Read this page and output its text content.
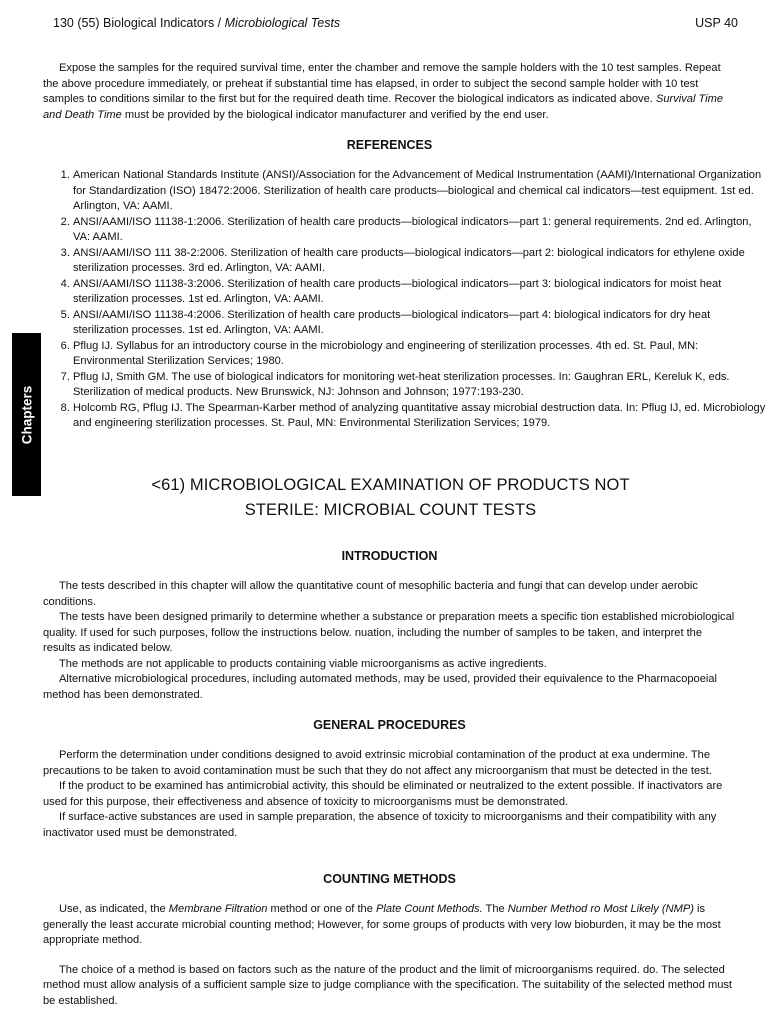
130 (55) Biological Indicators / Microbiological Tests	USP 40

Expose the samples for the required survival time, enter the chamber and remove the sample holders with the 10 test samples. Repeat the above procedure immediately, or preheat if substantial time has elapsed, in order to subject the second sample holder with 10 test samples to conditions similar to the first but for the required death time. Recover the biological indicators as indicated above. Survival Time and Death Time must be provided by the biological indicator manufacturer and verified by the end user.

REFERENCES
1. American National Standards Institute (ANSI)/Association for the Advancement of Medical Instrumentation (AAMI)/International Organization for Standardization (ISO) 18472:2006. Sterilization of health care products—biological and chemical cal indicators—test equipment. 1st ed. Arlington, VA: AAMI.
2. ANSI/AAMI/ISO 11138-1:2006. Sterilization of health care products—biological indicators—part 1: general requirements. 2nd ed. Arlington, VA: AAMI.
3. ANSI/AAMI/ISO 111 38-2:2006. Sterilization of health care products—biological indicators—part 2: biological indicators for ethylene oxide sterilization processes. 3rd ed. Arlington, VA: AAMI.
4. ANSI/AAMI/ISO 11138-3:2006. Sterilization of health care products—biological indicators—part 3: biological indicators for moist heat sterilization processes. 1st ed. Arlington, VA: AAMI.
5. ANSI/AAMI/ISO 11138-4:2006. Sterilization of health care products—biological indicators—part 4: biological indicators for dry heat sterilization processes. 1st ed. Arlington, VA: AAMI.
6. Pflug IJ. Syllabus for an introductory course in the microbiology and engineering of sterilization processes. 4th ed. St. Paul, MN: Environmental Sterilization Services; 1980.
7. Pflug IJ, Smith GM. The use of biological indicators for monitoring wet-heat sterilization processes. In: Gaughran ERL, Kereluk K, eds. Sterilization of medical products. New Brunswick, NJ: Johnson and Johnson; 1977:193-230.
8. Holcomb RG, Pflug IJ. The Spearman-Karber method of analyzing quantitative assay microbial destruction data. In: Pflug IJ, ed. Microbiology and engineering sterilization processes. St. Paul, MN: Environmental Sterilization Services; 1979.
Chapters
<61) MICROBIOLOGICAL EXAMINATION OF PRODUCTS NOT
STERILE: MICROBIAL COUNT TESTS
INTRODUCTION

The tests described in this chapter will allow the quantitative count of mesophilic bacteria and fungi that can develop under aerobic conditions.

The tests have been designed primarily to determine whether a substance or preparation meets a specific tion established microbiological quality. If used for such purposes, follow the instructions below. nuation, including the number of samples to be taken, and interpret the results as indicated below.

The methods are not applicable to products containing viable microorganisms as active ingredients.

Alternative microbiological procedures, including automated methods, may be used, provided their equivalence to the Pharmacopoeial method has been demonstrated.

GENERAL PROCEDURES

Perform the determination under conditions designed to avoid extrinsic microbial contamination of the product at exa undermine. The precautions to be taken to avoid contamination must be such that they do not affect any microorganism that must be detected in the test.

If the product to be examined has antimicrobial activity, this should be eliminated or neutralized to the extent possible. If inactivators are used for this purpose, their effectiveness and absence of toxicity to microorganisms must be demonstrated.

If surface-active substances are used in sample preparation, the absence of toxicity to microorganisms and their compatibility with any inactivator used must be demonstrated.

COUNTING METHODS

Use, as indicated, the Membrane Filtration method or one of the Plate Count Methods. The Number Method ro Most Likely (NMP) is generally the least accurate microbial counting method; However, for some groups of products with very low bioburden, it may be the most appropriate method.

The choice of a method is based on factors such as the nature of the product and the limit of microorganisms required. do. The selected method must allow analysis of a sufficient sample size to judge compliance with the specification. The suitability of the selected method must be established.
